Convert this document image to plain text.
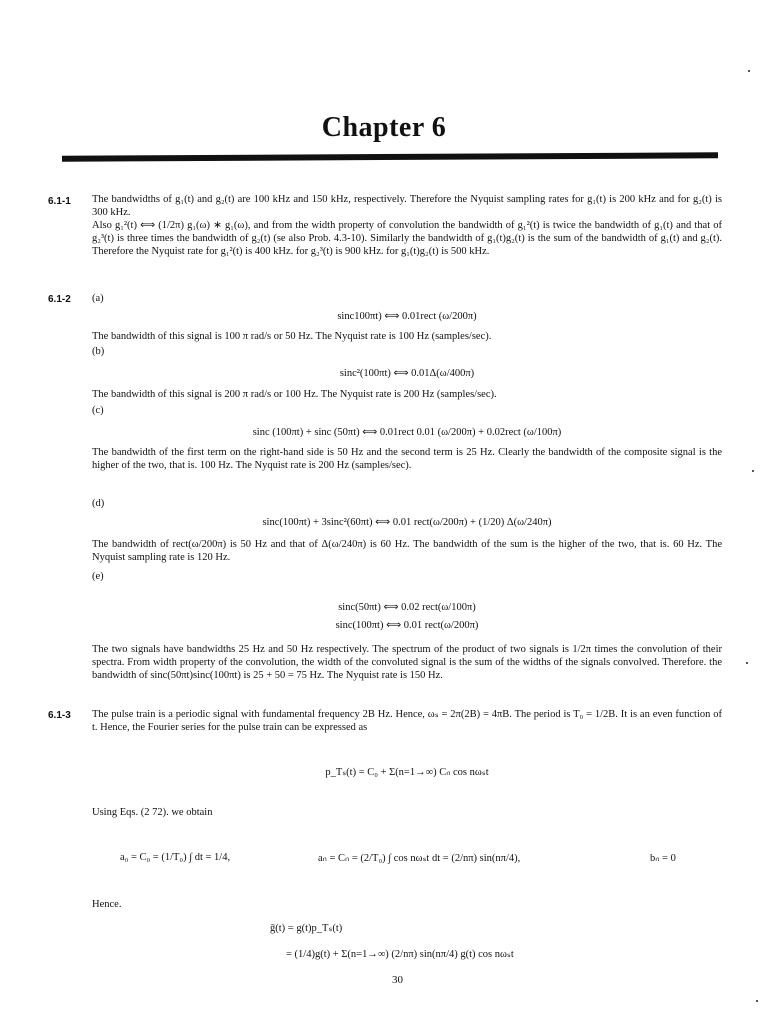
Chapter 6
6.1-1 The bandwidths of g₁(t) and g₂(t) are 100 kHz and 150 kHz, respectively. Therefore the Nyquist sampling rates for g₁(t) is 200 kHz and for g₂(t) is 300 kHz.
Also g₁²(t) ⟺ (1/2π) g₁(ω) ∗ g₁(ω), and from the width property of convolution the bandwidth of g₁²(t) is twice the bandwidth of g₁(t) and that of g₂³(t) is three times the bandwidth of g₂(t) (se also Prob. 4.3-10). Similarly the bandwidth of g₁(t)g₂(t) is the sum of the bandwidth of g₁(t) and g₂(t). Therefore the Nyquist rate for g₁²(t) is 400 kHz. for g₂³(t) is 900 kHz. for g₁(t)g₂(t) is 500 kHz.
6.1-2 (a)
sinc100πt) ⟺ 0.01rect (ω/200π)
The bandwidth of this signal is 100 π rad/s or 50 Hz. The Nyquist rate is 100 Hz (samples/sec).
(b)
sinc²(100πt) ⟺ 0.01Δ(ω/400π)
The bandwidth of this signal is 200 π rad/s or 100 Hz. The Nyquist rate is 200 Hz (samples/sec).
(c)
sinc (100πt) + sinc (50πt) ⟺ 0.01rect 0.01 (ω/200π) + 0.02rect (ω/100π)
The bandwidth of the first term on the right-hand side is 50 Hz and the second term is 25 Hz. Clearly the bandwidth of the composite signal is the higher of the two, that is. 100 Hz. The Nyquist rate is 200 Hz (samples/sec).
(d)
sinc(100πt) + 3sinc²(60πt) ⟺ 0.01 rect(ω/200π) + (1/20) Δ(ω/240π)
The bandwidth of rect(ω/200π) is 50 Hz and that of Δ(ω/240π) is 60 Hz. The bandwidth of the sum is the higher of the two, that is. 60 Hz. The Nyquist sampling rate is 120 Hz.
(e)
sinc(50πt) ⟺ 0.02 rect(ω/100π)
sinc(100πt) ⟺ 0.01 rect(ω/200π)
The two signals have bandwidths 25 Hz and 50 Hz respectively. The spectrum of the product of two signals is 1/2π times the convolution of their spectra. From width property of the convolution, the width of the convoluted signal is the sum of the widths of the signals convolved. Therefore. the bandwidth of sinc(50πt)sinc(100πt) is 25 + 50 = 75 Hz. The Nyquist rate is 150 Hz.
6.1-3 The pulse train is a periodic signal with fundamental frequency 2B Hz. Hence, ωₛ = 2π(2B) = 4πB. The period is T₀ = 1/2B. It is an even function of t. Hence, the Fourier series for the pulse train can be expressed as
p_Tₛ(t) = C₀ + Σ(n=1→∞) Cₙ cos nωₛt
Using Eqs. (2 72). we obtain
a₀ = C₀ = (1/T₀) ∫ dt = 1/4,	aₙ = Cₙ = (2/T₀) ∫ cos nωₛt dt = (2/nπ) sin(nπ/4),	bₙ = 0
Hence.
ḡ(t) = g(t)p_Tₛ(t)
= (1/4)g(t) + Σ(n=1→∞) (2/nπ) sin(nπ/4) g(t) cos nωₛt
30
